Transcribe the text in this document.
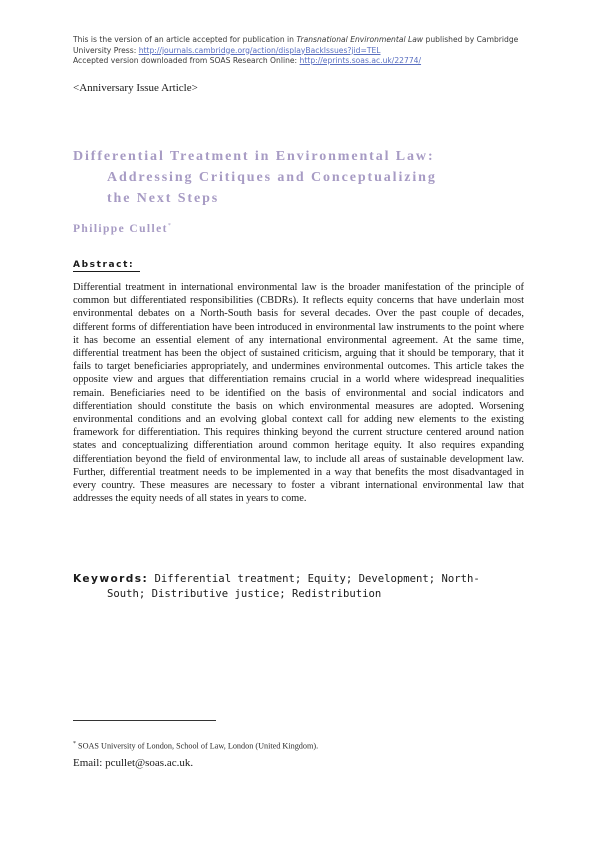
This is the version of an article accepted for publication in Transnational Environmental Law published by Cambridge University Press: http://journals.cambridge.org/action/displayBackIssues?jid=TEL
Accepted version downloaded from SOAS Research Online: http://eprints.soas.ac.uk/22774/
<Anniversary Issue Article>
Differential Treatment in Environmental Law:
Addressing Critiques and Conceptualizing
the Next Steps
Philippe Cullet*
Abstract:
Differential treatment in international environmental law is the broader manifestation of the principle of common but differentiated responsibilities (CBDRs). It reflects equity concerns that have underlain most environmental debates on a North-South basis for several decades. Over the past couple of decades, different forms of differentiation have been introduced in environmental law instruments to the point where it has become an essential element of any international environmental agreement. At the same time, differential treatment has been the object of sustained criticism, arguing that it should be temporary, that it fails to target beneficiaries appropriately, and undermines environmental outcomes. This article takes the opposite view and argues that differentiation remains crucial in a world where widespread inequalities remain. Beneficiaries need to be identified on the basis of environmental and social indicators and differentiation should constitute the basis on which environmental measures are adopted. Worsening environmental conditions and an evolving global context call for adding new elements to the existing framework for differentiation. This requires thinking beyond the current structure centered around nation states and conceptualizing differentiation around common heritage equity. It also requires expanding differentiation beyond the field of environmental law, to include all areas of sustainable development law. Further, differential treatment needs to be implemented in a way that benefits the most disadvantaged in every country. These measures are necessary to foster a vibrant international environmental law that addresses the equity needs of all states in years to come.
Keywords: Differential treatment; Equity; Development; North-
South; Distributive justice; Redistribution
* SOAS University of London, School of Law, London (United Kingdom).
Email: pcullet@soas.ac.uk.
